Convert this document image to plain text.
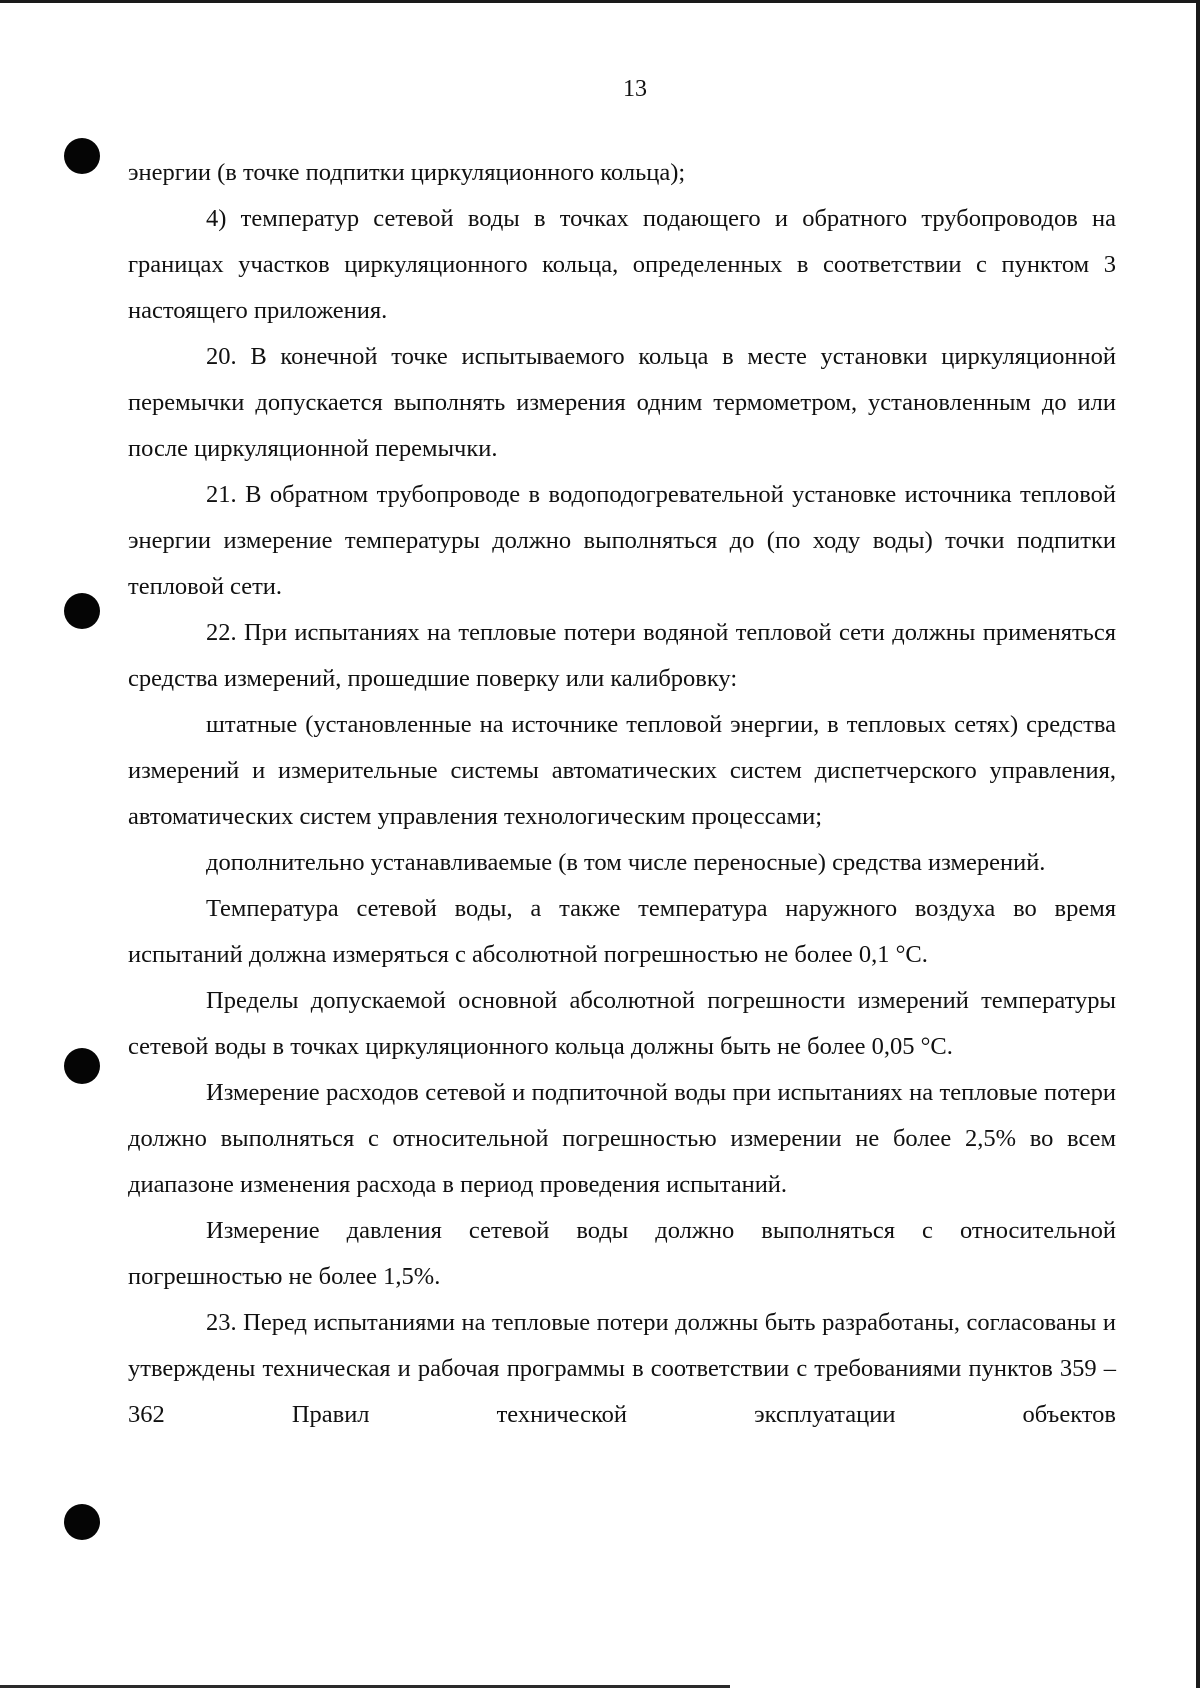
13

энергии (в точке подпитки циркуляционного кольца);

4) температур сетевой воды в точках подающего и обратного трубопроводов на границах участков циркуляционного кольца, определенных в соответствии с пунктом 3 настоящего приложения.

20. В конечной точке испытываемого кольца в месте установки циркуляционной перемычки допускается выполнять измерения одним термометром, установленным до или после циркуляционной перемычки.

21. В обратном трубопроводе в водоподогревательной установке источника тепловой энергии измерение температуры должно выполняться до (по ходу воды) точки подпитки тепловой сети.

22. При испытаниях на тепловые потери водяной тепловой сети должны применяться средства измерений, прошедшие поверку или калибровку:

штатные (установленные на источнике тепловой энергии, в тепловых сетях) средства измерений и измерительные системы автоматических систем диспетчерского управления, автоматических систем управления технологическим процессами;

дополнительно устанавливаемые (в том числе переносные) средства измерений.

Температура сетевой воды, а также температура наружного воздуха во время испытаний должна измеряться с абсолютной погрешностью не более 0,1 °С.

Пределы допускаемой основной абсолютной погрешности измерений температуры сетевой воды в точках циркуляционного кольца должны быть не более 0,05 °С.

Измерение расходов сетевой и подпиточной воды при испытаниях на тепловые потери должно выполняться с относительной погрешностью измерении не более 2,5% во всем диапазоне изменения расхода в период проведения испытаний.

Измерение давления сетевой воды должно выполняться с относительной погрешностью не более 1,5%.

23. Перед испытаниями на тепловые потери должны быть разработаны, согласованы и утверждены техническая и рабочая программы в соответствии с требованиями пунктов 359 – 362 Правил технической эксплуатации объектов
